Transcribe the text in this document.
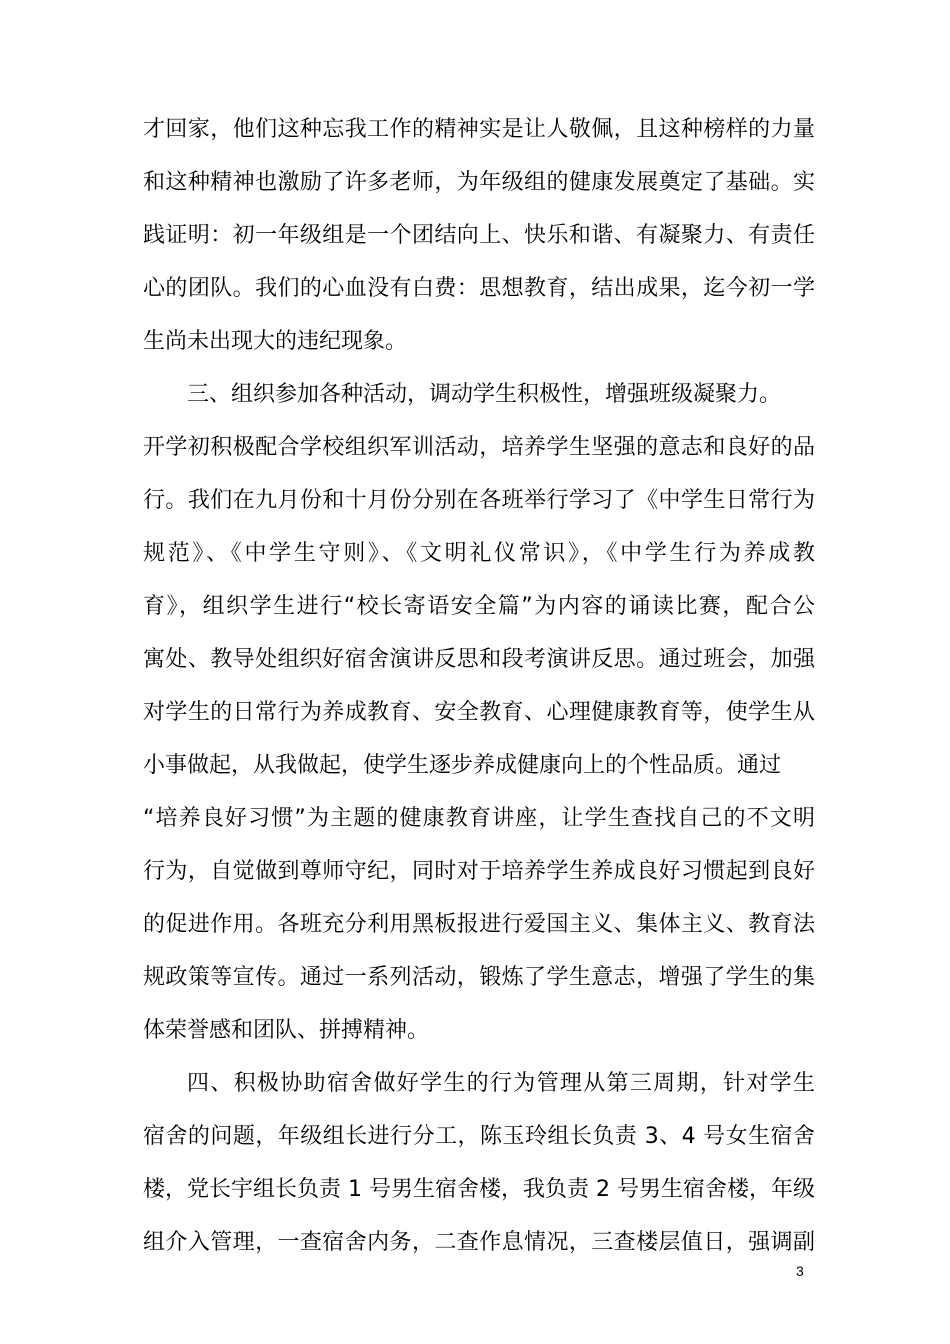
才回家，他们这种忘我工作的精神实是让人敬佩，且这种榜样的力量
和这种精神也激励了许多老师，为年级组的健康发展奠定了基础。实
践证明：初一年级组是一个团结向上、快乐和谐、有凝聚力、有责任
心的团队。我们的心血没有白费：思想教育，结出成果，迄今初一学
生尚未出现大的违纪现象。
三、组织参加各种活动，调动学生积极性，增强班级凝聚力。
开学初积极配合学校组织军训活动，培养学生坚强的意志和良好的品
行。我们在九月份和十月份分别在各班举行学习了《中学生日常行为
规范》、《中学生守则》、《文明礼仪常识》，《中学生行为养成教
育》，组织学生进行“校长寄语安全篇”为内容的诵读比赛，配合公
寓处、教导处组织好宿舍演讲反思和段考演讲反思。通过班会，加强
对学生的日常行为养成教育、安全教育、心理健康教育等，使学生从
小事做起，从我做起，使学生逐步养成健康向上的个性品质。通过
“培养良好习惯”为主题的健康教育讲座，让学生查找自己的不文明
行为，自觉做到尊师守纪，同时对于培养学生养成良好习惯起到良好
的促进作用。各班充分利用黑板报进行爱国主义、集体主义、教育法
规政策等宣传。通过一系列活动，锻炼了学生意志，增强了学生的集
体荣誉感和团队、拼搏精神。
四、积极协助宿舍做好学生的行为管理从第三周期，针对学生
宿舍的问题，年级组长进行分工，陈玉玲组长负责 3、4 号女生宿舍
楼，党长宇组长负责 1 号男生宿舍楼，我负责 2 号男生宿舍楼，年级
组介入管理，一查宿舍内务，二查作息情况，三查楼层值日，强调副
3
